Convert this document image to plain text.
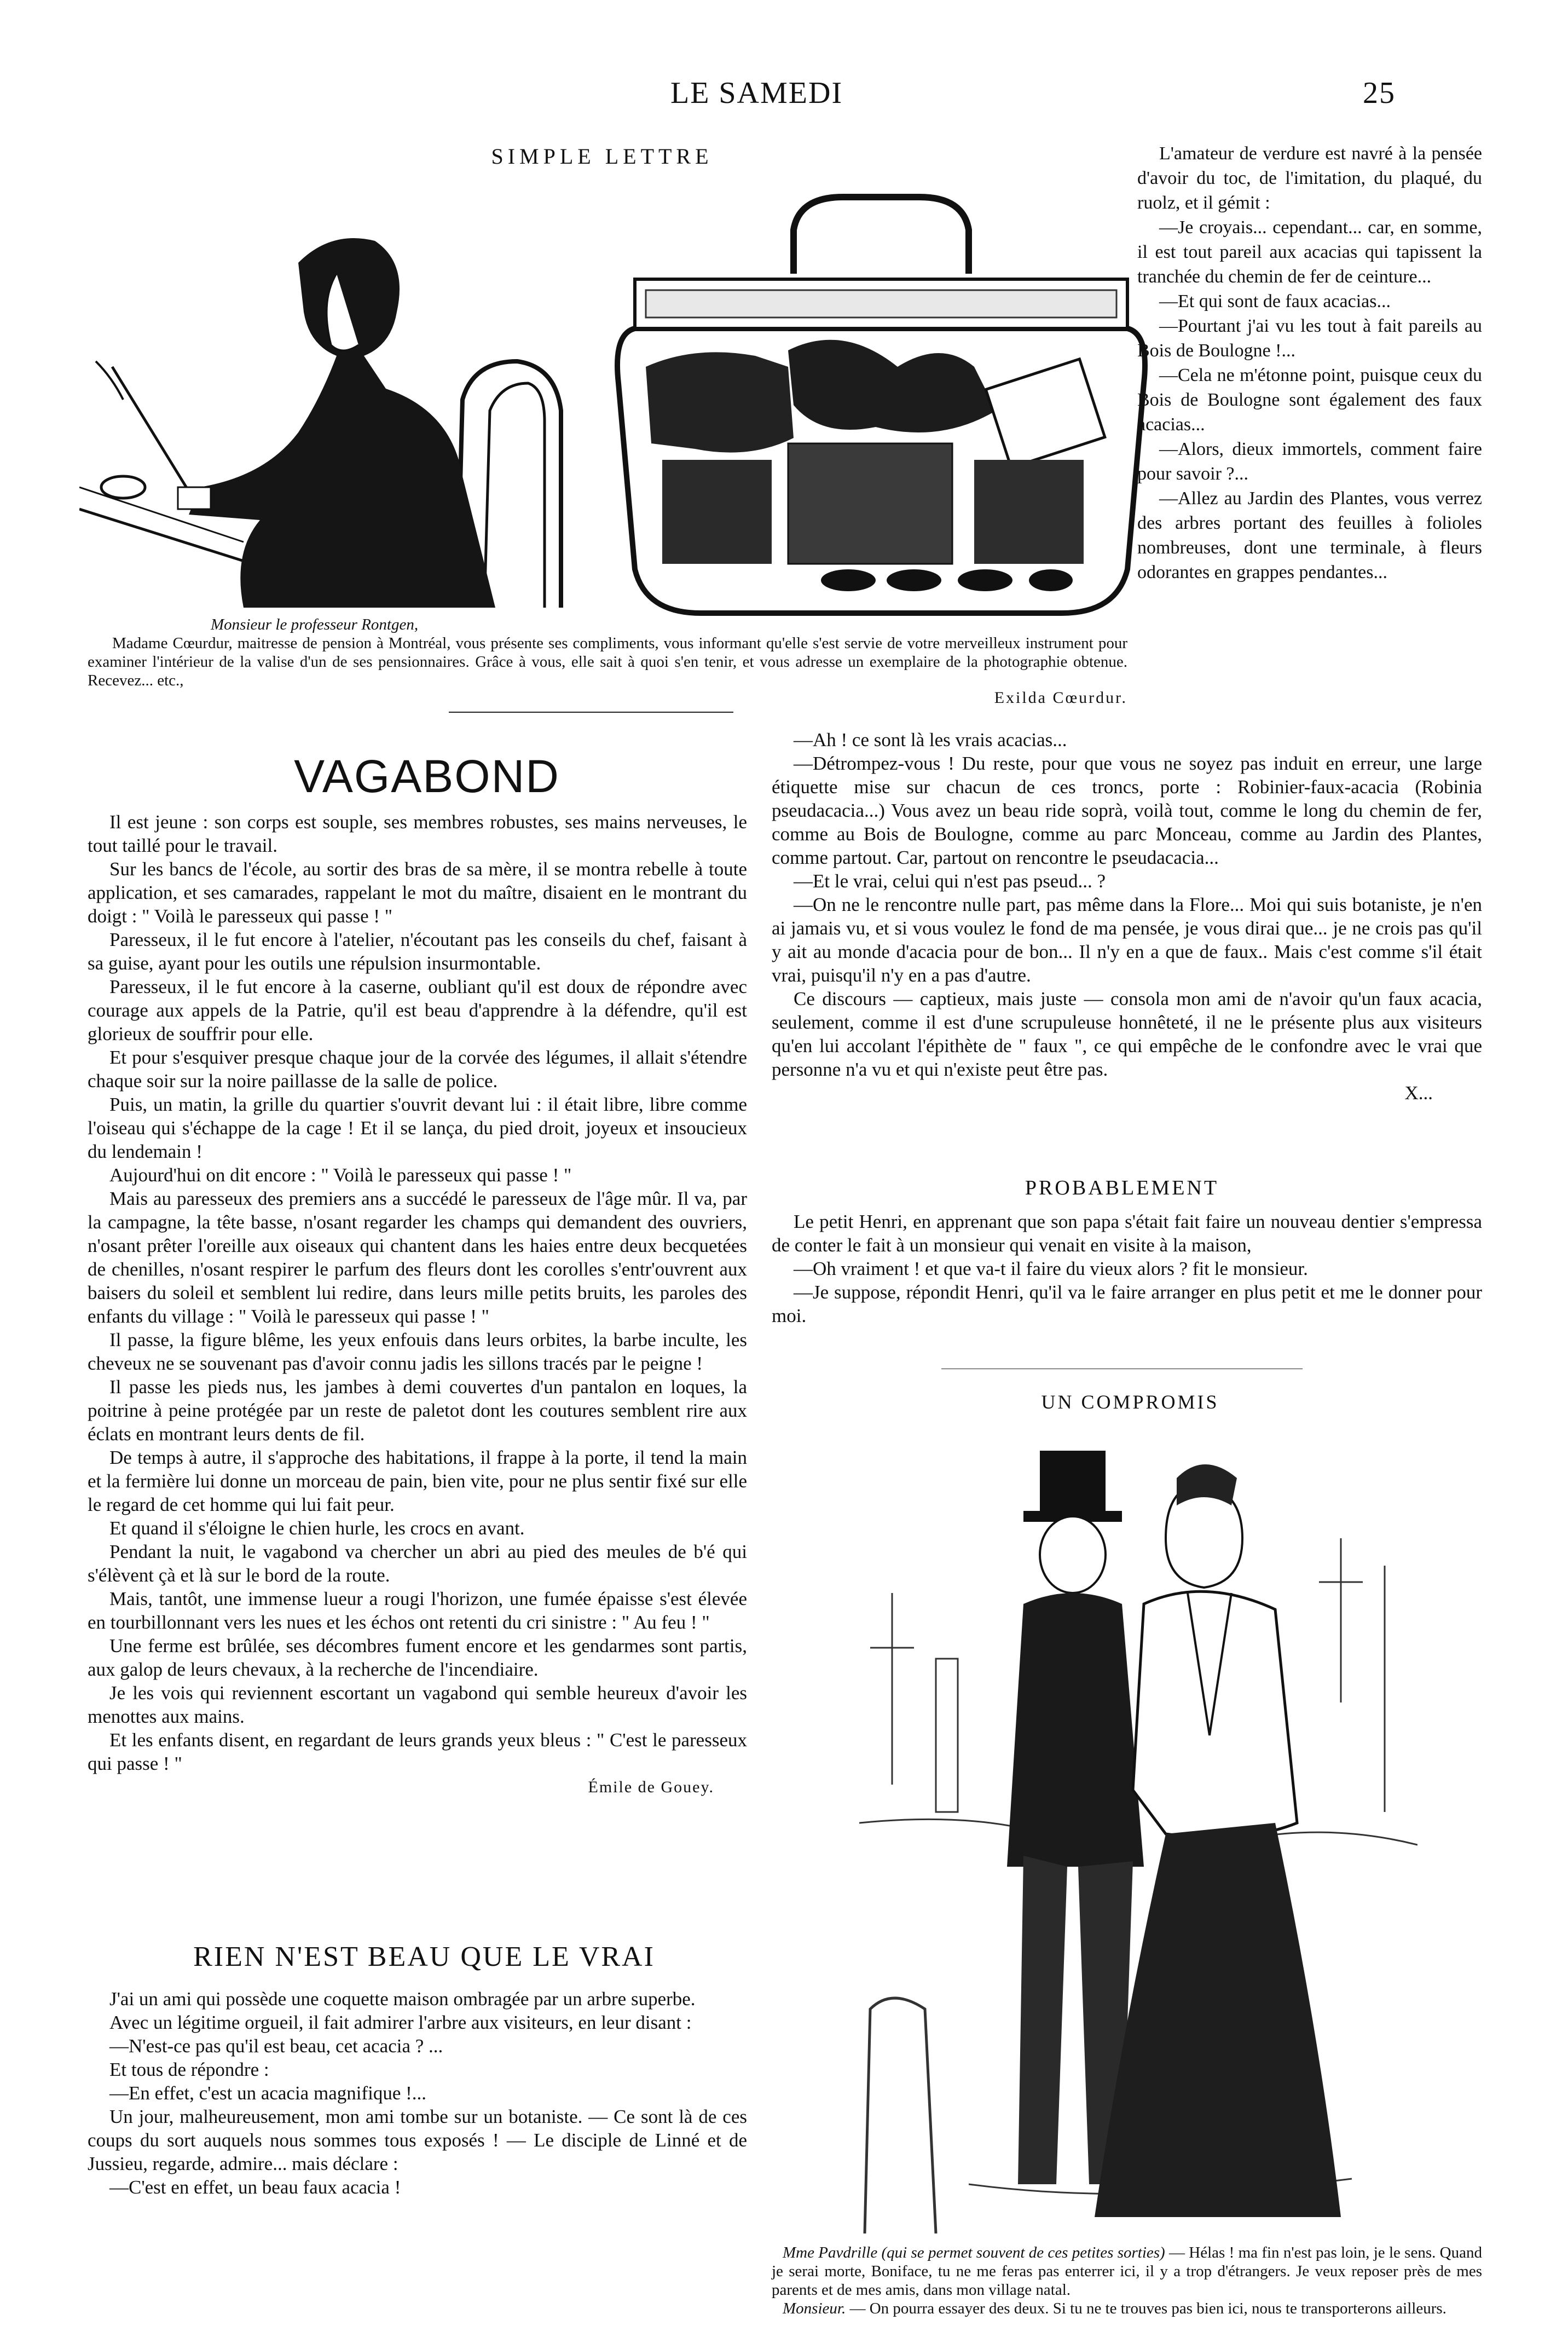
LE SAMEDI	25
SIMPLE LETTRE
Monsieur le professeur Rontgen,
Madame Cœurdur, maitresse de pension à Montréal, vous présente ses compliments, vous informant qu'elle s'est servie de votre merveilleux instrument pour examiner l'intérieur de la valise d'un de ses pensionnaires. Grâce à vous, elle sait à quoi s'en tenir, et vous adresse un exemplaire de la photographie obtenue. Recevez... etc.,
Exilda Cœurdur.

L'amateur de verdure est navré à la pensée d'avoir du toc, de l'imitation, du plaqué, du ruolz, et il gémit :

—Je croyais... cependant... car, en somme, il est tout pareil aux acacias qui tapissent la tranchée du chemin de fer de ceinture...

—Et qui sont de faux acacias...

—Pourtant j'ai vu les tout à fait pareils au Bois de Boulogne !...

—Cela ne m'étonne point, puisque ceux du Bois de Boulogne sont également des faux acacias...

—Alors, dieux immortels, comment faire pour savoir ?...

—Allez au Jardin des Plantes, vous verrez des arbres portant des feuilles à folioles nombreuses, dont une terminale, à fleurs odorantes en grappes pendantes...

—Ah ! ce sont là les vrais acacias...

—Détrompez-vous ! Du reste, pour que vous ne soyez pas induit en erreur, une large étiquette mise sur chacun de ces troncs, porte : Robinier-faux-acacia (Robinia pseudacacia...) Vous avez un beau ride soprà, voilà tout, comme le long du chemin de fer, comme au Bois de Boulogne, comme au parc Monceau, comme au Jardin des Plantes, comme partout. Car, partout on rencontre le pseudacacia...

—Et le vrai, celui qui n'est pas pseud... ?

—On ne le rencontre nulle part, pas même dans la Flore... Moi qui suis botaniste, je n'en ai jamais vu, et si vous voulez le fond de ma pensée, je vous dirai que... je ne crois pas qu'il y ait au monde d'acacia pour de bon... Il n'y en a que de faux.. Mais c'est comme s'il était vrai, puisqu'il n'y en a pas d'autre.

Ce discours — captieux, mais juste — consola mon ami de n'avoir qu'un faux acacia, seulement, comme il est d'une scrupuleuse honnêteté, il ne le présente plus aux visiteurs qu'en lui accolant l'épithète de " faux ", ce qui empêche de le confondre avec le vrai que personne n'a vu et qui n'existe peut être pas.

X...
PROBABLEMENT

Le petit Henri, en apprenant que son papa s'était fait faire un nouveau dentier s'empressa de conter le fait à un monsieur qui venait en visite à la maison,

—Oh vraiment ! et que va-t il faire du vieux alors ? fit le monsieur.

—Je suppose, répondit Henri, qu'il va le faire arranger en plus petit et me le donner pour moi.

UN COMPROMIS
Mme Pavdrille (qui se permet souvent de ces petites sorties) — Hélas ! ma fin n'est pas loin, je le sens. Quand je serai morte, Boniface, tu ne me feras pas enterrer ici, il y a trop d'étrangers. Je veux reposer près de mes parents et de mes amis, dans mon village natal.
Monsieur. — On pourra essayer des deux. Si tu ne te trouves pas bien ici, nous te transporterons ailleurs.
VAGABOND

Il est jeune : son corps est souple, ses membres robustes, ses mains nerveuses, le tout taillé pour le travail.

Sur les bancs de l'école, au sortir des bras de sa mère, il se montra rebelle à toute application, et ses camarades, rappelant le mot du maître, disaient en le montrant du doigt : " Voilà le paresseux qui passe ! "

Paresseux, il le fut encore à l'atelier, n'écoutant pas les conseils du chef, faisant à sa guise, ayant pour les outils une répulsion insurmontable.

Paresseux, il le fut encore à la caserne, oubliant qu'il est doux de répondre avec courage aux appels de la Patrie, qu'il est beau d'apprendre à la défendre, qu'il est glorieux de souffrir pour elle.

Et pour s'esquiver presque chaque jour de la corvée des légumes, il allait s'étendre chaque soir sur la noire paillasse de la salle de police.

Puis, un matin, la grille du quartier s'ouvrit devant lui : il était libre, libre comme l'oiseau qui s'échappe de la cage ! Et il se lança, du pied droit, joyeux et insoucieux du lendemain !

Aujourd'hui on dit encore : " Voilà le paresseux qui passe ! "

Mais au paresseux des premiers ans a succédé le paresseux de l'âge mûr. Il va, par la campagne, la tête basse, n'osant regarder les champs qui demandent des ouvriers, n'osant prêter l'oreille aux oiseaux qui chantent dans les haies entre deux becquetées de chenilles, n'osant respirer le parfum des fleurs dont les corolles s'entr'ouvrent aux baisers du soleil et semblent lui redire, dans leurs mille petits bruits, les paroles des enfants du village : " Voilà le paresseux qui passe ! "

Il passe, la figure blême, les yeux enfouis dans leurs orbites, la barbe inculte, les cheveux ne se souvenant pas d'avoir connu jadis les sillons tracés par le peigne !

Il passe les pieds nus, les jambes à demi couvertes d'un pantalon en loques, la poitrine à peine protégée par un reste de paletot dont les coutures semblent rire aux éclats en montrant leurs dents de fil.

De temps à autre, il s'approche des habitations, il frappe à la porte, il tend la main et la fermière lui donne un morceau de pain, bien vite, pour ne plus sentir fixé sur elle le regard de cet homme qui lui fait peur.

Et quand il s'éloigne le chien hurle, les crocs en avant.

Pendant la nuit, le vagabond va chercher un abri au pied des meules de b'é qui s'élèvent çà et là sur le bord de la route.

Mais, tantôt, une immense lueur a rougi l'horizon, une fumée épaisse s'est élevée en tourbillonnant vers les nues et les échos ont retenti du cri sinistre : " Au feu ! "

Une ferme est brûlée, ses décombres fument encore et les gendarmes sont partis, aux galop de leurs chevaux, à la recherche de l'incendiaire.

Je les vois qui reviennent escortant un vagabond qui semble heureux d'avoir les menottes aux mains.

Et les enfants disent, en regardant de leurs grands yeux bleus : " C'est le paresseux qui passe ! "

Émile de Gouey.
RIEN N'EST BEAU QUE LE VRAI

J'ai un ami qui possède une coquette maison ombragée par un arbre superbe.

Avec un légitime orgueil, il fait admirer l'arbre aux visiteurs, en leur disant :

—N'est-ce pas qu'il est beau, cet acacia ? ...

Et tous de répondre :

—En effet, c'est un acacia magnifique !...

Un jour, malheureusement, mon ami tombe sur un botaniste. — Ce sont là de ces coups du sort auquels nous sommes tous exposés ! — Le disciple de Linné et de Jussieu, regarde, admire... mais déclare :

—C'est en effet, un beau faux acacia !
